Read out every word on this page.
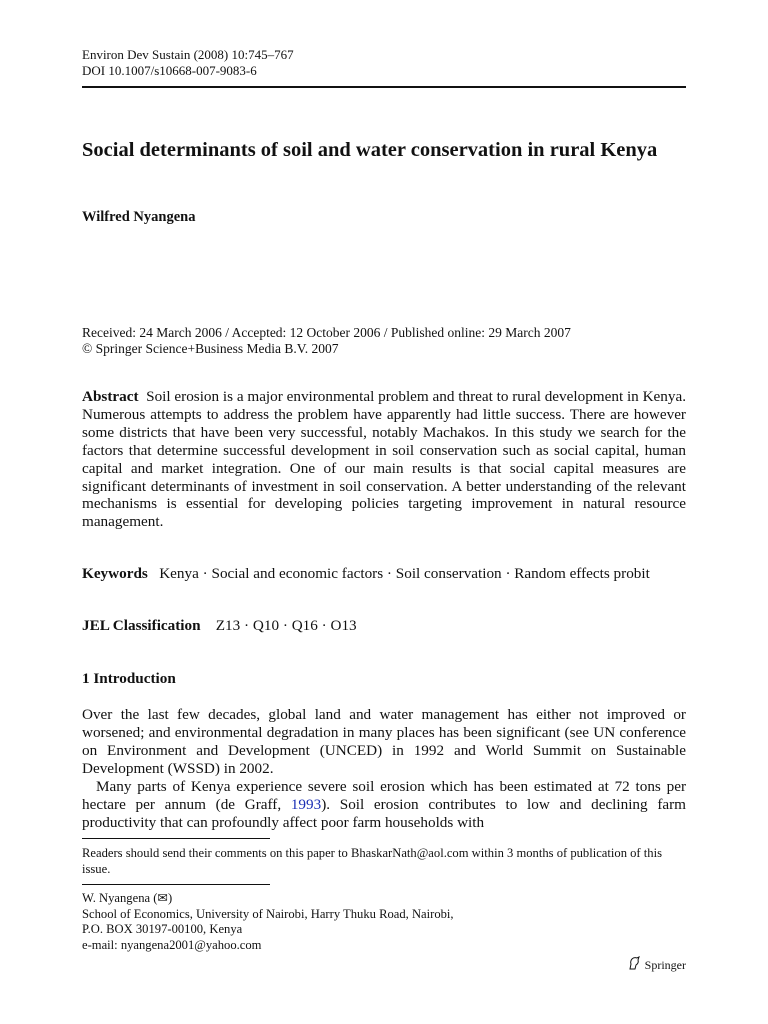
Environ Dev Sustain (2008) 10:745–767
DOI 10.1007/s10668-007-9083-6
Social determinants of soil and water conservation in rural Kenya
Wilfred Nyangena
Received: 24 March 2006 / Accepted: 12 October 2006 / Published online: 29 March 2007
© Springer Science+Business Media B.V. 2007
Abstract Soil erosion is a major environmental problem and threat to rural development in Kenya. Numerous attempts to address the problem have apparently had little success. There are however some districts that have been very successful, notably Machakos. In this study we search for the factors that determine successful development in soil conservation such as social capital, human capital and market integration. One of our main results is that social capital measures are significant determinants of investment in soil conservation. A better understanding of the relevant mechanisms is essential for developing policies targeting improvement in natural resource management.
Keywords Kenya · Social and economic factors · Soil conservation · Random effects probit
JEL Classification Z13 · Q10 · Q16 · O13
1 Introduction

Over the last few decades, global land and water management has either not improved or worsened; and environmental degradation in many places has been significant (see UN conference on Environment and Development (UNCED) in 1992 and World Summit on Sustainable Development (WSSD) in 2002.

Many parts of Kenya experience severe soil erosion which has been estimated at 72 tons per hectare per annum (de Graff, 1993). Soil erosion contributes to low and declining farm productivity that can profoundly affect poor farm households with

Readers should send their comments on this paper to BhaskarNath@aol.com within 3 months of publication of this issue.
W. Nyangena (✉)
School of Economics, University of Nairobi, Harry Thuku Road, Nairobi,
P.O. BOX 30197-00100, Kenya
e-mail: nyangena2001@yahoo.com
Springer
